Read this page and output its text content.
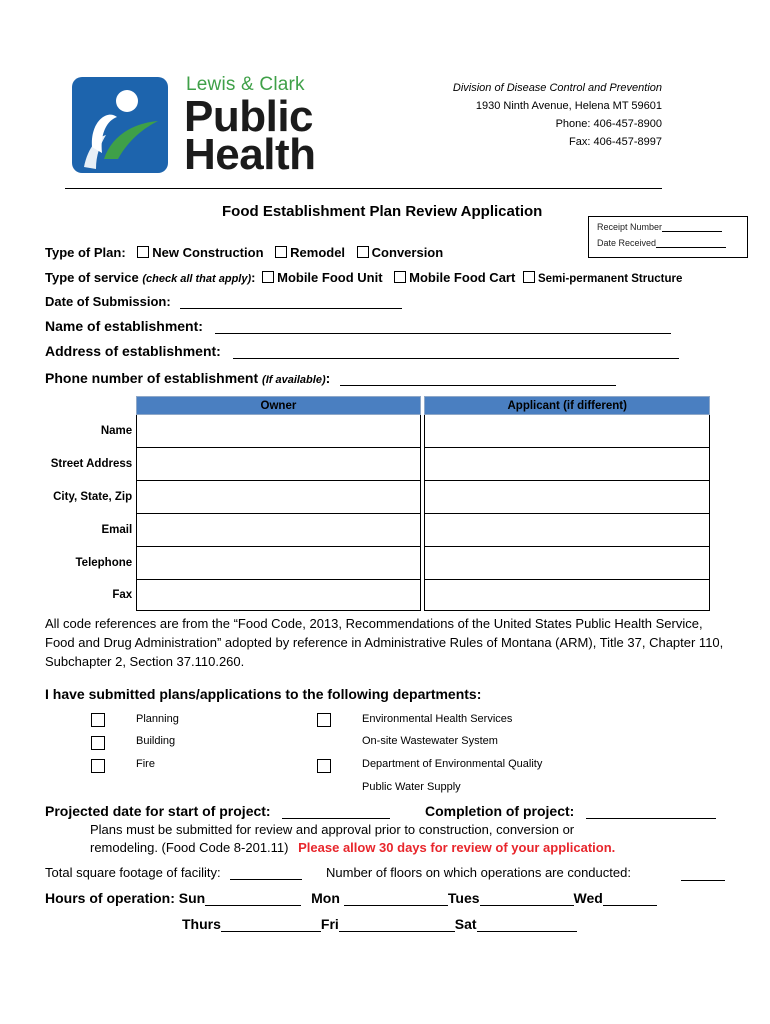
Lewis & Clark
Public
Health
Division of Disease Control and Prevention
1930 Ninth Avenue, Helena MT 59601
Phone: 406-457-8900
Fax: 406-457-8997
Food Establishment Plan Review Application
Receipt Number
Date Received
Type of Plan: New Construction Remodel Conversion
Type of service (check all that apply): Mobile Food Unit Mobile Food Cart Semi-permanent Structure
Date of Submission:
Name of establishment:
Address of establishment:
Phone number of establishment (If available):
	Owner		Applicant (if different)
Name			
Street Address			
City, State, Zip			
Email			
Telephone			
Fax			
All code references are from the “Food Code, 2013, Recommendations of the United States Public Health Service, Food and Drug Administration” adopted by reference in Administrative Rules of Montana (ARM), Title 37, Chapter 110, Subchapter 2, Section 37.110.260.
I have submitted plans/applications to the following departments:
Planning
Building
Fire
Environmental Health Services
On-site Wastewater System
Department of Environmental Quality
Public Water Supply
Projected date for start of project:	Completion of project:
Plans must be submitted for review and approval prior to construction, conversion or
remodeling. (Food Code 8-201.11) Please allow 30 days for review of your application.
Total square footage of facility:	Number of floors on which operations are conducted:
Hours of operation: Sun	Mon	Tues	Wed
Thurs	Fri	Sat
